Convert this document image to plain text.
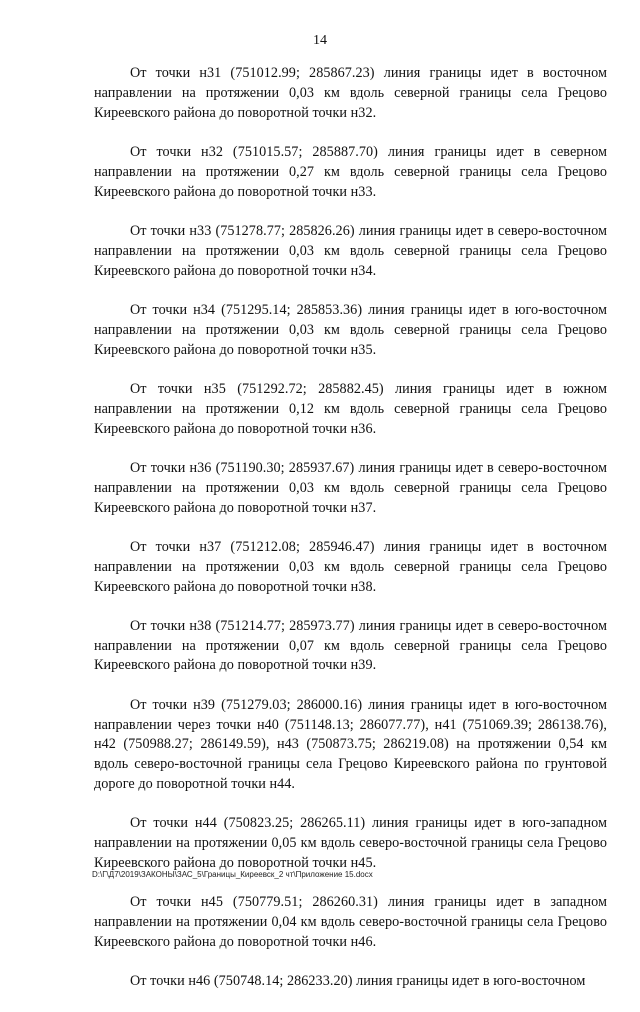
14

От точки н31 (751012.99; 285867.23) линия границы идет в восточном направлении на протяжении 0,03 км вдоль северной границы села Грецово Киреевского района до поворотной точки н32.

От точки н32 (751015.57; 285887.70) линия границы идет в северном направлении на протяжении 0,27 км вдоль северной границы села Грецово Киреевского района до поворотной точки н33.

От точки н33 (751278.77; 285826.26) линия границы идет в северо-восточном направлении на протяжении 0,03 км вдоль северной границы села Грецово Киреевского района до поворотной точки н34.

От точки н34 (751295.14; 285853.36) линия границы идет в юго-восточном направлении на протяжении 0,03 км вдоль северной границы села Грецово Киреевского района до поворотной точки н35.

От точки н35 (751292.72; 285882.45) линия границы идет в южном направлении на протяжении 0,12 км вдоль северной границы села Грецово Киреевского района до поворотной точки н36.

От точки н36 (751190.30; 285937.67) линия границы идет в северо-восточном направлении на протяжении 0,03 км вдоль северной границы села Грецово Киреевского района до поворотной точки н37.

От точки н37 (751212.08; 285946.47) линия границы идет в восточном направлении на протяжении 0,03 км вдоль северной границы села Грецово Киреевского района до поворотной точки н38.

От точки н38 (751214.77; 285973.77) линия границы идет в северо-восточном направлении на протяжении 0,07 км вдоль северной границы села Грецово Киреевского района до поворотной точки н39.

От точки н39 (751279.03; 286000.16) линия границы идет в юго-восточном направлении через точки н40 (751148.13; 286077.77), н41 (751069.39; 286138.76), н42 (750988.27; 286149.59), н43 (750873.75; 286219.08) на протяжении 0,54 км вдоль северо-восточной границы села Грецово Киреевского района по грунтовой дороге до поворотной точки н44.

От точки н44 (750823.25; 286265.11) линия границы идет в юго-западном направлении на протяжении 0,05 км вдоль северо-восточной границы села Грецово Киреевского района до поворотной точки н45.

От точки н45 (750779.51; 286260.31) линия границы идет в западном направлении на протяжении 0,04 км вдоль северо-восточной границы села Грецово Киреевского района до поворотной точки н46.

От точки н46 (750748.14; 286233.20) линия границы идет в юго-восточном

D:\Г\Д7\2019\ЗАКОНЫ\ЗАС_5\Границы_Киреевск_2 чт\Приложение 15.docx
